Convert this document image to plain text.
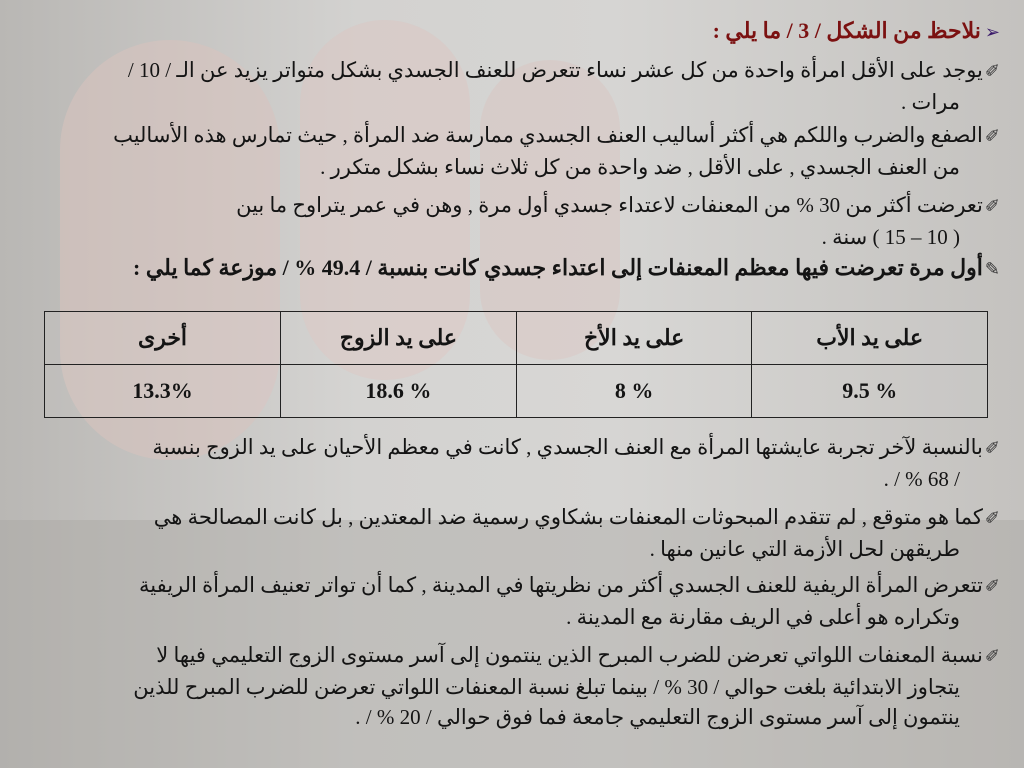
➢نلاحظ من الشكل / 3 / ما يلي :
✐يوجد على الأقل امرأة واحدة من كل عشر نساء تتعرض للعنف الجسدي بشكل متواتر يزيد عن الـ / 10 /
مرات .
✐الصفع والضرب واللكم هي أكثر أساليب العنف الجسدي ممارسة ضد المرأة , حيث تمارس هذه الأساليب
من العنف الجسدي , على الأقل , ضد واحدة من كل ثلاث نساء بشكل متكرر .
✐تعرضت أكثر من 30 % من المعنفات لاعتداء جسدي أول مرة , وهن في عمر يتراوح ما بين
( 10 – 15 ) سنة .
✎أول مرة تعرضت فيها معظم المعنفات إلى اعتداء جسدي كانت بنسبة / 49.4 % / موزعة كما يلي :
على يد الأب	على يد الأخ	على يد الزوج	أخرى
% 9.5	% 8	% 18.6	13.3%
✐بالنسبة لآخر تجربة عايشتها المرأة مع العنف الجسدي , كانت في معظم الأحيان على يد الزوج بنسبة
/ 68 % / .
✐كما هو متوقع , لم تتقدم المبحوثات المعنفات بشكاوي رسمية ضد المعتدين , بل كانت المصالحة هي
طريقهن لحل الأزمة التي عانين منها .
✐تتعرض المرأة الريفية للعنف الجسدي أكثر من نظريتها في المدينة , كما أن تواتر تعنيف المرأة الريفية
وتكراره هو أعلى في الريف مقارنة مع المدينة .
✐نسبة المعنفات اللواتي تعرضن للضرب المبرح الذين ينتمون إلى آسر مستوى الزوج التعليمي فيها لا
يتجاوز الابتدائية بلغت حوالي / 30 % / بينما تبلغ نسبة المعنفات اللواتي تعرضن للضرب المبرح للذين
ينتمون إلى آسر مستوى الزوج التعليمي جامعة فما فوق حوالي / 20 % / .
